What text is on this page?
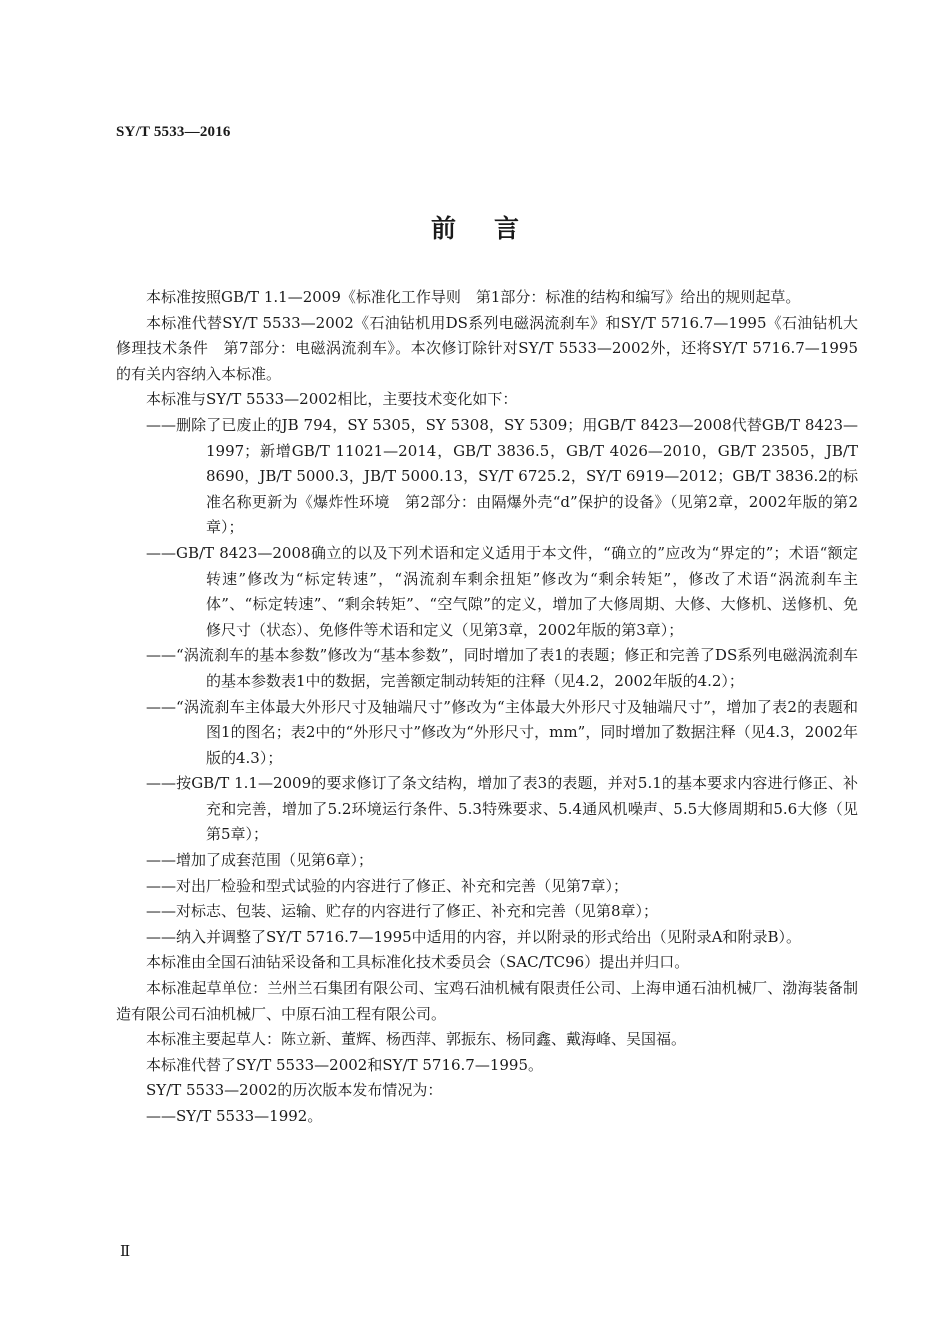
SY/T 5533—2016
前言

本标准按照GB/T 1.1—2009《标准化工作导则　第1部分：标准的结构和编写》给出的规则起草。

本标准代替SY/T 5533—2002《石油钻机用DS系列电磁涡流刹车》和SY/T 5716.7—1995《石油钻机大修理技术条件　第7部分：电磁涡流刹车》。本次修订除针对SY/T 5533—2002外，还将SY/T 5716.7—1995的有关内容纳入本标准。

本标准与SY/T 5533—2002相比，主要技术变化如下：

——删除了已废止的JB 794，SY 5305，SY 5308，SY 5309；用GB/T 8423—2008代替GB/T 8423—1997；新增GB/T 11021—2014，GB/T 3836.5，GB/T 4026—2010，GB/T 23505，JB/T 8690，JB/T 5000.3，JB/T 5000.13，SY/T 6725.2，SY/T 6919—2012；GB/T 3836.2的标准名称更新为《爆炸性环境　第2部分：由隔爆外壳“d”保护的设备》（见第2章，2002年版的第2章）；

——GB/T 8423—2008确立的以及下列术语和定义适用于本文件，“确立的”应改为“界定的”；术语“额定转速”修改为“标定转速”，“涡流刹车剩余扭矩”修改为“剩余转矩”，修改了术语“涡流刹车主体”、“标定转速”、“剩余转矩”、“空气隙”的定义，增加了大修周期、大修、大修机、送修机、免修尺寸（状态）、免修件等术语和定义（见第3章，2002年版的第3章）；

——“涡流刹车的基本参数”修改为“基本参数”，同时增加了表1的表题；修正和完善了DS系列电磁涡流刹车的基本参数表1中的数据，完善额定制动转矩的注释（见4.2，2002年版的4.2）；

——“涡流刹车主体最大外形尺寸及轴端尺寸”修改为“主体最大外形尺寸及轴端尺寸”，增加了表2的表题和图1的图名；表2中的“外形尺寸”修改为“外形尺寸，mm”，同时增加了数据注释（见4.3，2002年版的4.3）；

——按GB/T 1.1—2009的要求修订了条文结构，增加了表3的表题，并对5.1的基本要求内容进行修正、补充和完善，增加了5.2环境运行条件、5.3特殊要求、5.4通风机噪声、5.5大修周期和5.6大修（见第5章）；

——增加了成套范围（见第6章）；

——对出厂检验和型式试验的内容进行了修正、补充和完善（见第7章）；

——对标志、包装、运输、贮存的内容进行了修正、补充和完善（见第8章）；

——纳入并调整了SY/T 5716.7—1995中适用的内容，并以附录的形式给出（见附录A和附录B）。

本标准由全国石油钻采设备和工具标准化技术委员会（SAC/TC96）提出并归口。

本标准起草单位：兰州兰石集团有限公司、宝鸡石油机械有限责任公司、上海申通石油机械厂、渤海装备制造有限公司石油机械厂、中原石油工程有限公司。

本标准主要起草人：陈立新、董辉、杨西萍、郭振东、杨同鑫、戴海峰、吴国福。

本标准代替了SY/T 5533—2002和SY/T 5716.7—1995。

SY/T 5533—2002的历次版本发布情况为：

——SY/T 5533—1992。

Ⅱ
